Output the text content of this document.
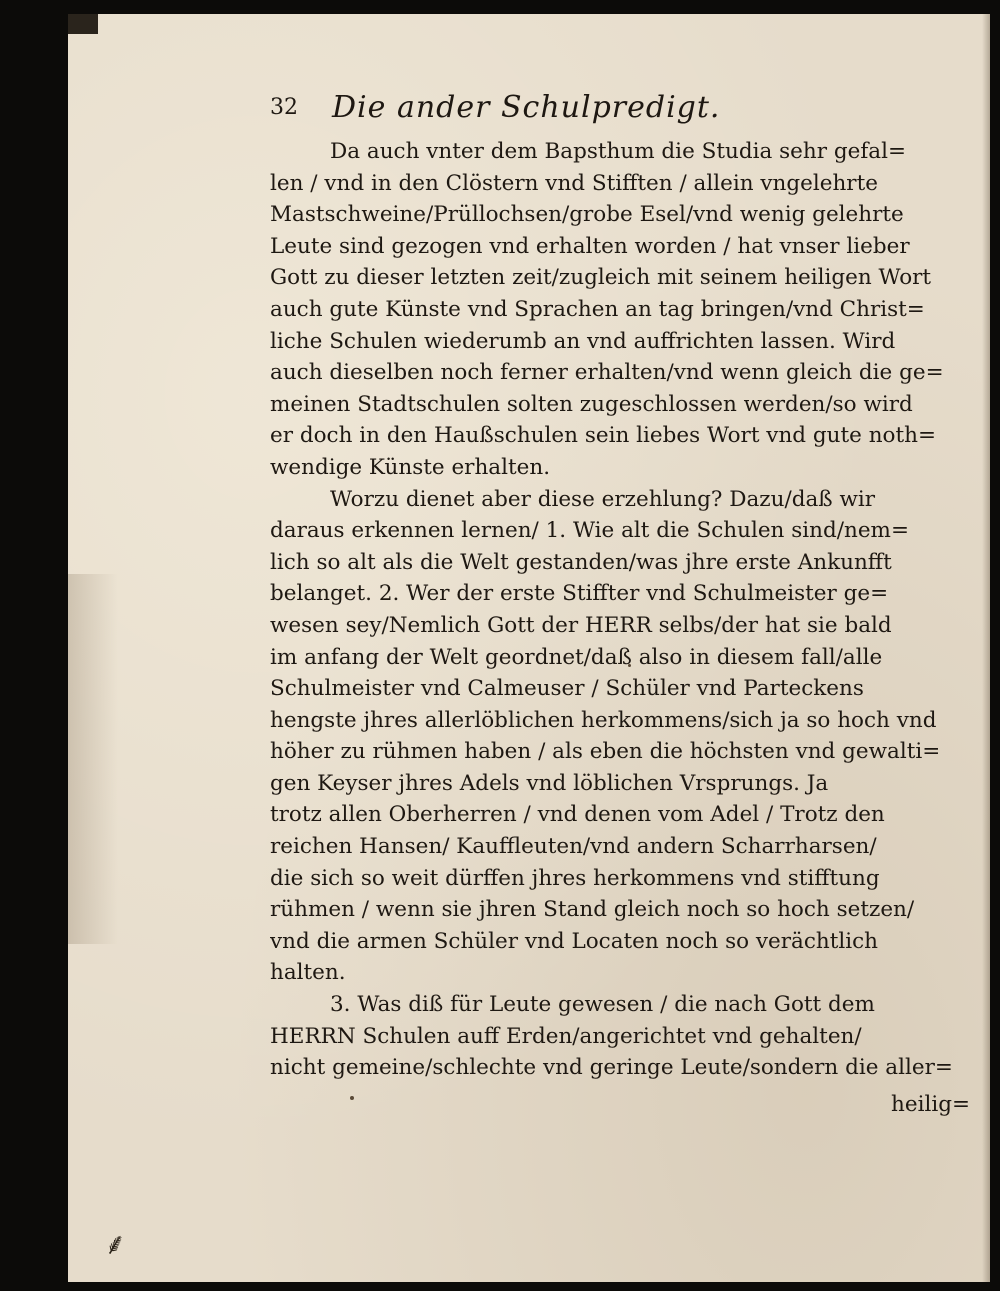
32 Die ander Schulpredigt.
Da auch vnter dem Bapsthum die Studia sehr gefal=
len / vnd in den Clöstern vnd Stifften / allein vngelehrte
Mastschweine/Prüllochsen/grobe Esel/vnd wenig gelehrte
Leute sind gezogen vnd erhalten worden / hat vnser lieber
Gott zu dieser letzten zeit/zugleich mit seinem heiligen Wort
auch gute Künste vnd Sprachen an tag bringen/vnd Christ=
liche Schulen wiederumb an vnd auffrichten lassen. Wird
auch dieselben noch ferner erhalten/vnd wenn gleich die ge=
meinen Stadtschulen solten zugeschlossen werden/so wird
er doch in den Haußschulen sein liebes Wort vnd gute noth=
wendige Künste erhalten.
Worzu dienet aber diese erzehlung? Dazu/daß wir
daraus erkennen lernen/ 1. Wie alt die Schulen sind/nem=
lich so alt als die Welt gestanden/was jhre erste Ankunfft
belanget. 2. Wer der erste Stiffter vnd Schulmeister ge=
wesen sey/Nemlich Gott der HERR selbs/der hat sie bald
im anfang der Welt geordnet/daß also in diesem fall/alle
Schulmeister vnd Calmeuser / Schüler vnd Parteckens
hengste jhres allerlöblichen herkommens/sich ja so hoch vnd
höher zu rühmen haben / als eben die höchsten vnd gewalti=
gen Keyser jhres Adels vnd löblichen Vrsprungs. Ja
trotz allen Oberherren / vnd denen vom Adel / Trotz den
reichen Hansen/ Kauffleuten/vnd andern Scharrharsen/
die sich so weit dürffen jhres herkommens vnd stifftung
rühmen / wenn sie jhren Stand gleich noch so hoch setzen/
vnd die armen Schüler vnd Locaten noch so verächtlich
halten.
3. Was diß für Leute gewesen / die nach Gott dem
HERRN Schulen auff Erden/angerichtet vnd gehalten/
nicht gemeine/schlechte vnd geringe Leute/sondern die aller=
heilig=
⸙
